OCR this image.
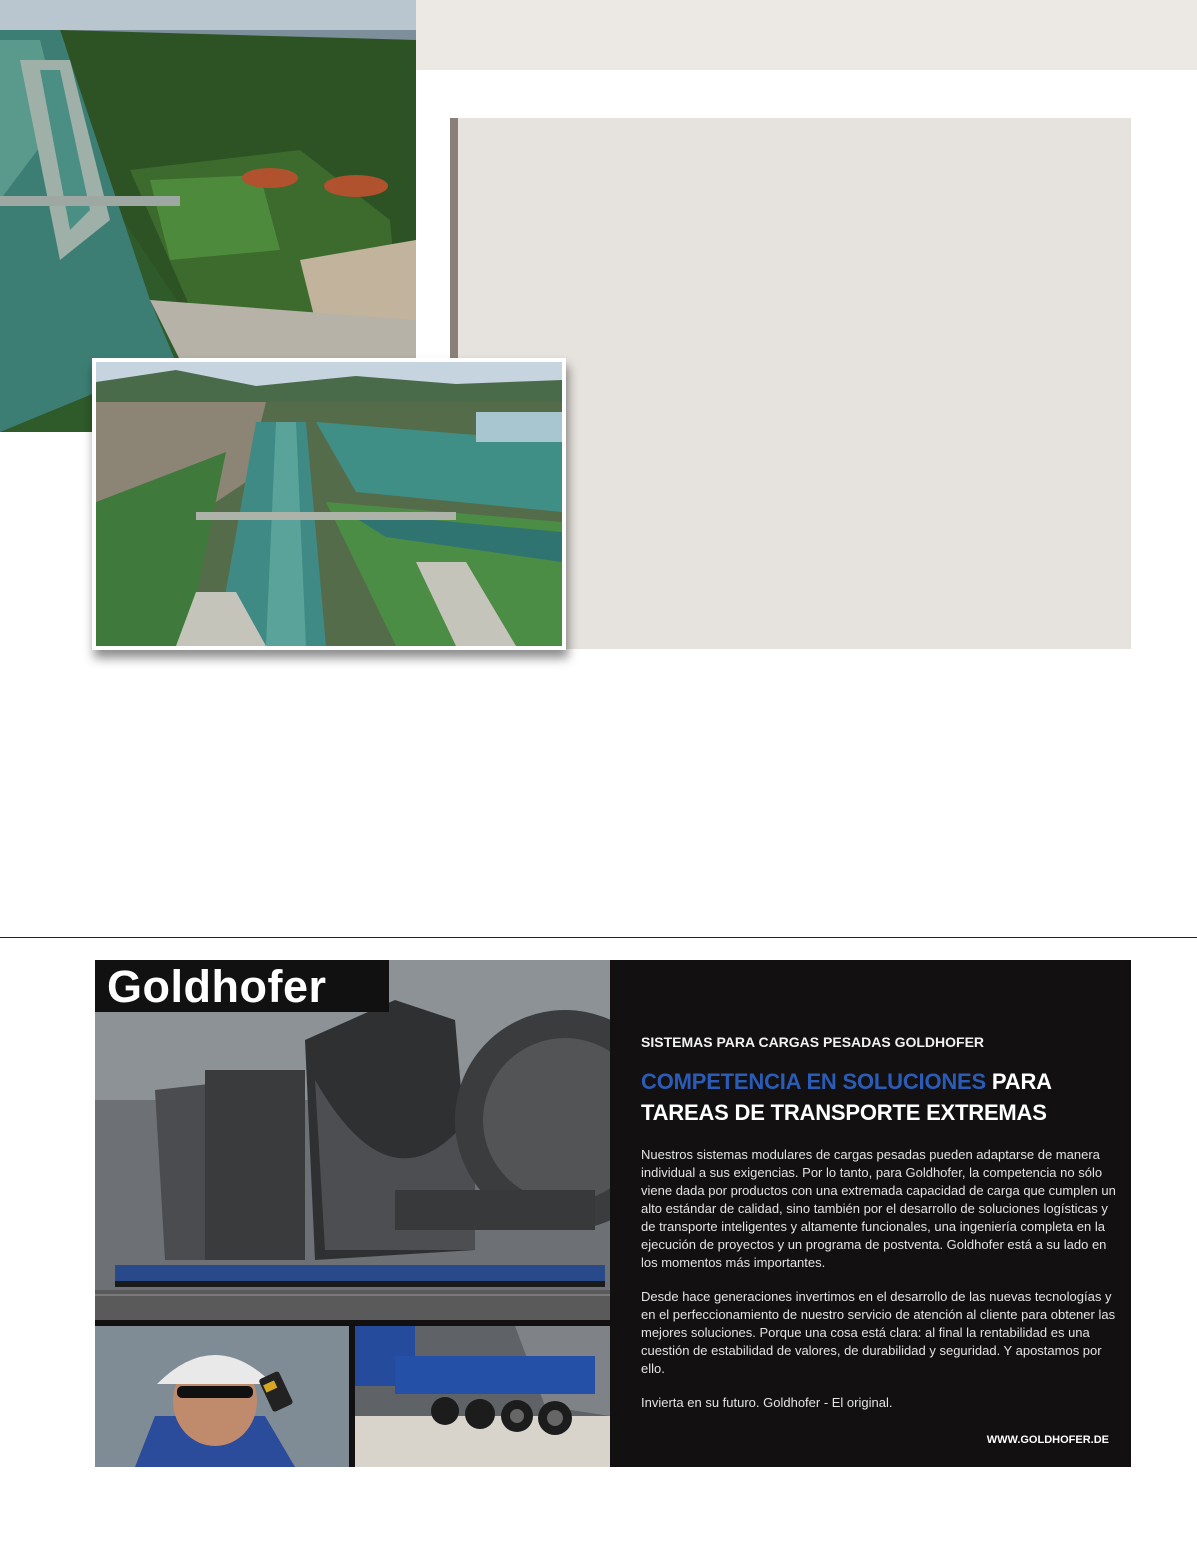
Goldhofer

SISTEMAS PARA CARGAS PESADAS GOLDHOFER

COMPETENCIA EN SOLUCIONES PARA
TAREAS DE TRANSPORTE EXTREMAS

Nuestros sistemas modulares de cargas pesadas pueden adaptarse de manera individual a sus exigencias. Por lo tanto, para Goldhofer, la competencia no sólo viene dada por productos con una extremada capacidad de carga que cumplen un alto estándar de calidad, sino también por el desarrollo de soluciones logísticas y de transporte inteligentes y altamente funcionales, una ingeniería completa en la ejecución de proyectos y un programa de postventa. Goldhofer está a su lado en los momentos más importantes.

Desde hace generaciones invertimos en el desarrollo de las nuevas tecnologías y en el perfeccionamiento de nuestro servicio de atención al cliente para obtener las mejores soluciones. Porque una cosa está clara: al final la rentabilidad es una cuestión de estabilidad de valores, de durabilidad y seguridad. Y apostamos por ello.

Invierta en su futuro. Goldhofer - El original.

WWW.GOLDHOFER.DE
